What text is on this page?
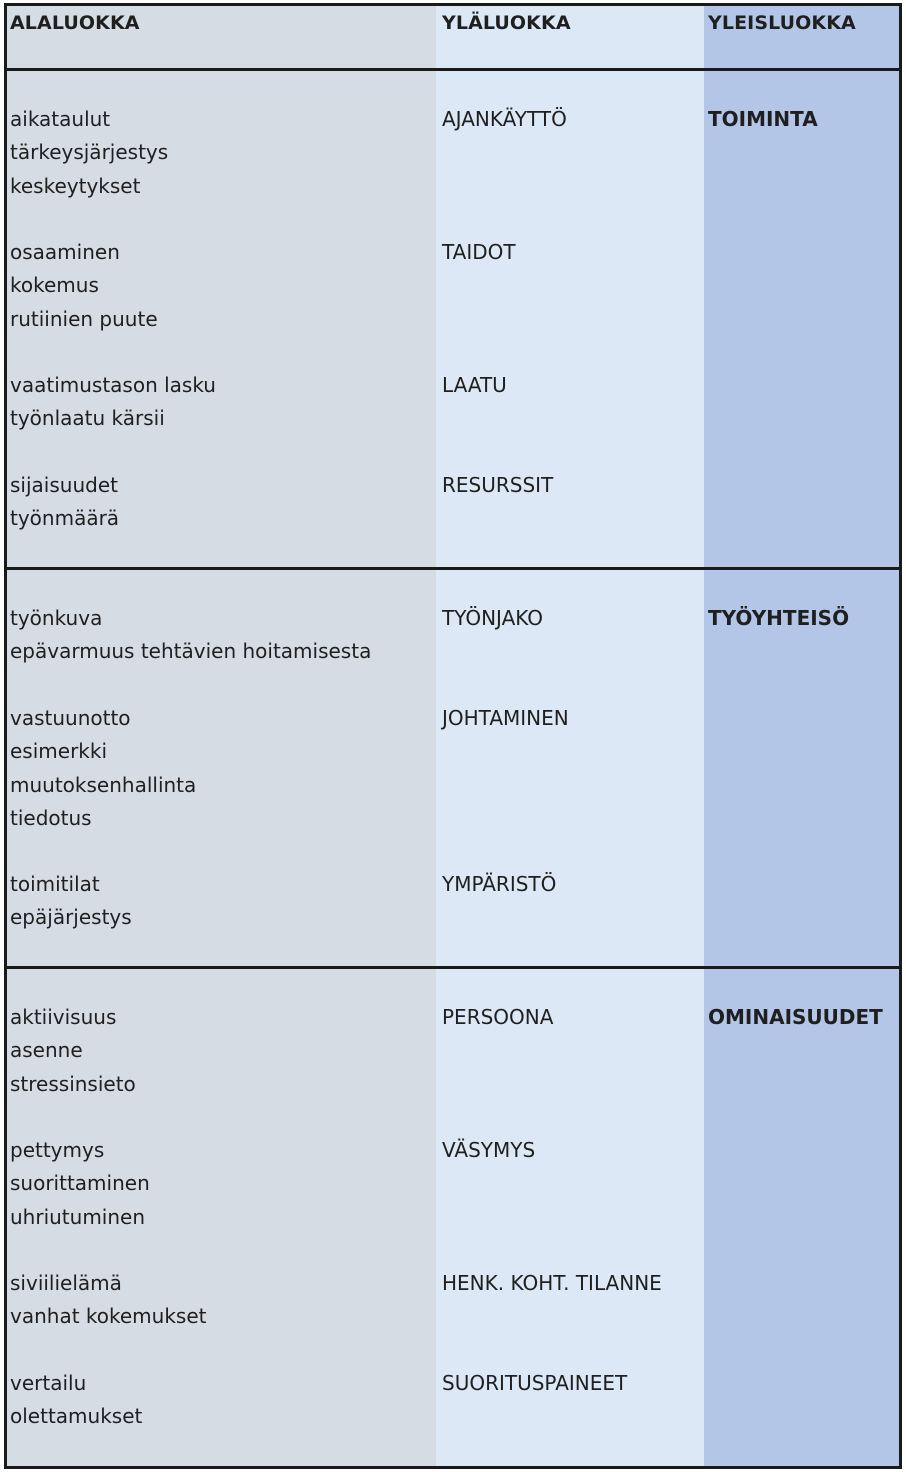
ALALUOKKA	YLÄLUOKKA	YLEISLUOKKA
TOIMINTA
aikataulut
tärkeysjärjestys
keskeytykset
AJANKÄYTTÖ
osaaminen
kokemus
rutiinien puute
TAIDOT
vaatimustason lasku
työnlaatu kärsii
LAATU
sijaisuudet
työnmäärä
RESURSSIT
TYÖYHTEISÖ
työnkuva
epävarmuus tehtävien hoitamisesta
TYÖNJAKO
vastuunotto
esimerkki
muutoksenhallinta
tiedotus
JOHTAMINEN
toimitilat
epäjärjestys
YMPÄRISTÖ
OMINAISUUDET
aktiivisuus
asenne
stressinsieto
PERSOONA
pettymys
suorittaminen
uhriutuminen
VÄSYMYS
siviilielämä
vanhat kokemukset
HENK. KOHT. TILANNE
vertailu
olettamukset
SUORITUSPAINEET
